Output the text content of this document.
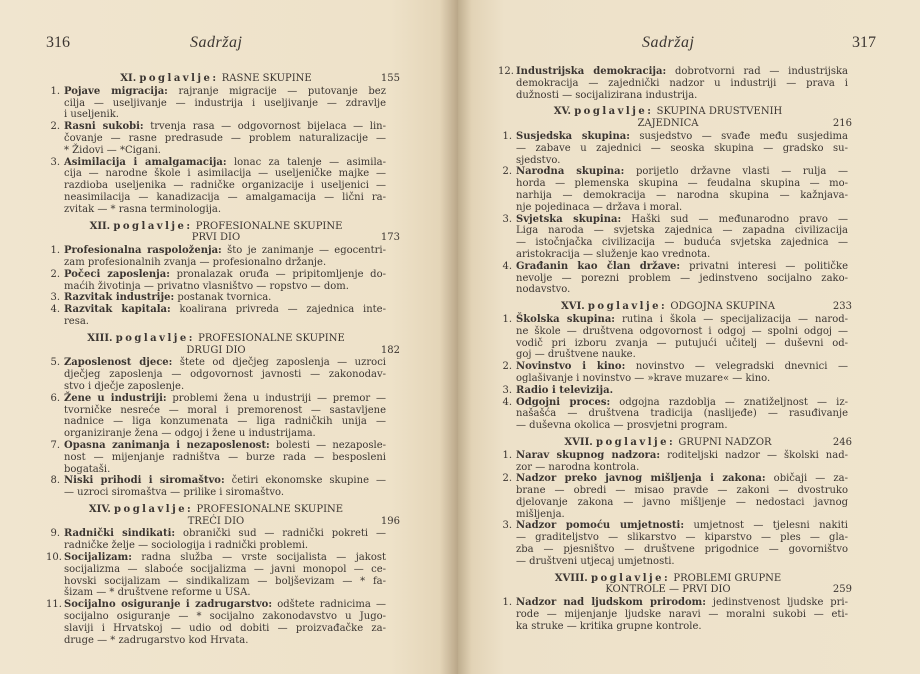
316	Sadržaj
XI. poglavlje: RASNE SKUPINE	155
1. Pojave migracija: rajranje migracije — putovanje bez
cilja — useljivanje — industrija i useljivanje — zdravlje
i useljenik.
2. Rasni sukobi: trvenja rasa — odgovornost bijelaca — lin-
čovanje — rasne predrasude — problem naturalizacije —
* Židovi — *Cigani.
3. Asimilacija i amalgamacija: lonac za talenje — asimila-
cija — narodne škole i asimilacija — useljeničke majke —
razdioba useljenika — radničke organizacije i useljenici —
neasimilacija — kanadizacija — amalgamacija — lični ra-
zvitak — * rasna terminologija.
XII. poglavlje: PROFESIONALNE SKUPINE
PRVI DIO	173
1. Profesionalna raspoloženja: što je zanimanje — egocentri-
zam profesionalnih zvanja — profesionalno držanje.
2. Počeci zaposlenja: pronalazak oruđa — pripitomljenje do-
maćih životinja — privatno vlasništvo — ropstvo — dom.
3. Razvitak industrije: postanak tvornica.
4. Razvitak kapitala: koalirana privreda — zajednica inte-
resa.
XIII. poglavlje: PROFESIONALNE SKUPINE
DRUGI DIO	182
5. Zaposlenost djece: štete od dječjeg zaposlenja — uzroci
dječjeg zaposlenja — odgovornost javnosti — zakonodav-
stvo i dječje zaposlenje.
6. Žene u industriji: problemi žena u industriji — premor —
tvorničke nesreće — moral i premorenost — sastavljene
nadnice — liga konzumenata — liga radničkih unija —
organiziranje žena — odgoj i žene u industrijama.
7. Opasna zanimanja i nezaposlenost: bolesti — nezaposle-
nost — mijenjanje radništva — burze rada — besposleni
bogataši.
8. Niski prihodi i siromaštvo: četiri ekonomske skupine —
— uzroci siromaštva — prilike i siromaštvo.
XIV. poglavlje: PROFESIONALNE SKUPINE
TREĆI DIO	196
9. Radnički sindikati: obranički sud — radnički pokreti —
radničke želje — sociologija i radnički problemi.
10. Socijalizam: radna služba — vrste socijalista — jakost
socijalizma — slaboće socijalizma — javni monopol — ce-
hovski socijalizam — sindikalizam — boljševizam — * fa-
šizam — * društvene reforme u USA.
11. Socijalno osiguranje i zadrugarstvo: odštete radnicima —
socijalno osiguranje — * socijalno zakonodavstvo u Jugo-
slaviji i Hrvatskoj — udio od dobiti — proizvađačke za-
druge — * zadrugarstvo kod Hrvata.
Sadržaj	317
12. Industrijska demokracija: dobrotvorni rad — industrijska
demokracija — zajednički nadzor u industriji — prava i
dužnosti — socijalizirana industrija.
XV. poglavlje: SKUPINA DRUSTVENIH
ZAJEDNICA	216
1. Susjedska skupina: susjedstvo — svađe među susjedima
— zabave u zajednici — seoska skupina — gradsko su-
sjedstvo.
2. Narodna skupina: porijetlo državne vlasti — rulja —
horda — plemenska skupina — feudalna skupina — mo-
narhija — demokracija — narodna skupina — kažnjava-
nje pojedinaca — država i moral.
3. Svjetska skupina: Haški sud — međunarodno pravo —
Liga naroda — svjetska zajednica — zapadna civilizacija
— istočnjačka civilizacija — buduća svjetska zajednica —
aristokracija — služenje kao vrednota.
4. Građanin kao član države: privatni interesi — političke
nevolje — porezni problem — jedinstveno socijalno zako-
nodavstvo.
XVI. poglavlje: ODGOJNA SKUPINA	233
1. Školska skupina: rutina i škola — specijalizacija — narod-
ne škole — društvena odgovornost i odgoj — spolni odgoj —
vodič pri izboru zvanja — putujući učitelj — duševni od-
goj — društvene nauke.
2. Novinstvo i kino: novinstvo — velegradski dnevnici —
oglašivanje i novinstvo — »krave muzare« — kino.
3. Radio i televizija.
4. Odgojni proces: odgojna razdoblja — znatiželjnost — iz-
našašća — društvena tradicija (naslijeđe) — rasuđivanje
— duševna okolica — prosvjetni program.
XVII. poglavlje: GRUPNI NADZOR	246
1. Narav skupnog nadzora: roditeljski nadzor — školski nad-
zor — narodna kontrola.
2. Nadzor preko javnog mišljenja i zakona: običaji — za-
brane — obredi — misao pravde — zakoni — dvostruko
djelovanje zakona — javno mišljenje — nedostaci javnog
mišljenja.
3. Nadzor pomoću umjetnosti: umjetnost — tjelesni nakiti
— graditeljstvo — slikarstvo — kiparstvo — ples — gla-
zba — pjesništvo — društvene prigodnice — govorništvo
— društveni utjecaj umjetnosti.
XVIII. poglavlje: PROBLEMI GRUPNE
KONTROLE — PRVI DIO	259
1. Nadzor nad ljudskom prirodom: jedinstvenost ljudske pri-
rode — mijenjanje ljudske naravi — moralni sukobi — eti-
ka struke — kritika grupne kontrole.
